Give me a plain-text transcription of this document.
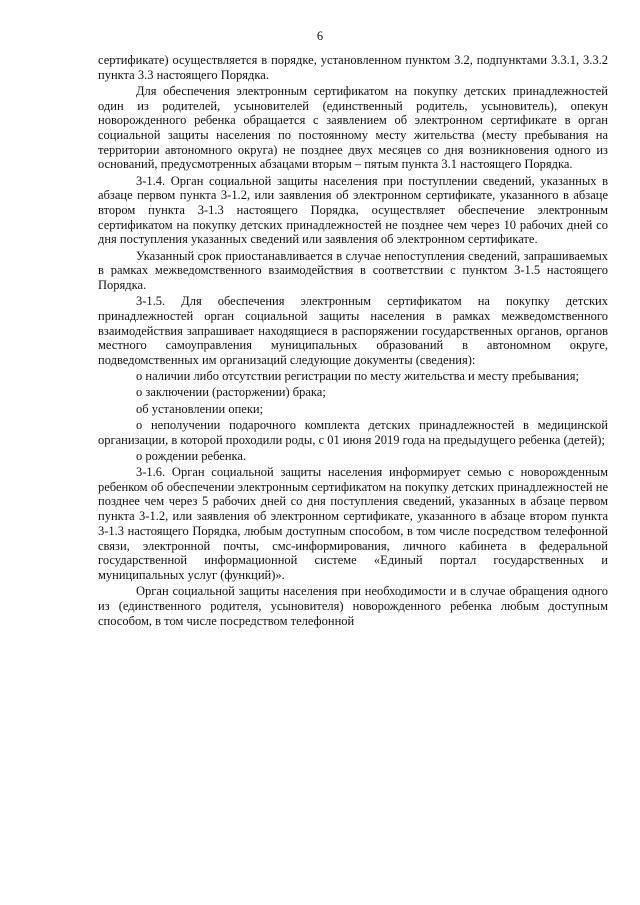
6

сертификате) осуществляется в порядке, установленном пунктом 3.2, подпунктами 3.3.1, 3.3.2 пункта 3.3 настоящего Порядка.

Для обеспечения электронным сертификатом на покупку детских принадлежностей один из родителей, усыновителей (единственный родитель, усыновитель), опекун новорожденного ребенка обращается с заявлением об электронном сертификате в орган социальной защиты населения по постоянному месту жительства (месту пребывания на территории автономного округа) не позднее двух месяцев со дня возникновения одного из оснований, предусмотренных абзацами вторым – пятым пункта 3.1 настоящего Порядка.

3-1.4. Орган социальной защиты населения при поступлении сведений, указанных в абзаце первом пункта 3-1.2, или заявления об электронном сертификате, указанного в абзаце втором пункта 3-1.3 настоящего Порядка, осуществляет обеспечение электронным сертификатом на покупку детских принадлежностей не позднее чем через 10 рабочих дней со дня поступления указанных сведений или заявления об электронном сертификате.

Указанный срок приостанавливается в случае непоступления сведений, запрашиваемых в рамках межведомственного взаимодействия в соответствии с пунктом 3-1.5 настоящего Порядка.

3-1.5. Для обеспечения электронным сертификатом на покупку детских принадлежностей орган социальной защиты населения в рамках межведомственного взаимодействия запрашивает находящиеся в распоряжении государственных органов, органов местного самоуправления муниципальных образований в автономном округе, подведомственных им организаций следующие документы (сведения):

о наличии либо отсутствии регистрации по месту жительства и месту пребывания;

о заключении (расторжении) брака;

об установлении опеки;

о неполучении подарочного комплекта детских принадлежностей в медицинской организации, в которой проходили роды, с 01 июня 2019 года на предыдущего ребенка (детей);

о рождении ребенка.

3-1.6. Орган социальной защиты населения информирует семью с новорожденным ребенком об обеспечении электронным сертификатом на покупку детских принадлежностей не позднее чем через 5 рабочих дней со дня поступления сведений, указанных в абзаце первом пункта 3-1.2, или заявления об электронном сертификате, указанного в абзаце втором пункта 3-1.3 настоящего Порядка, любым доступным способом, в том числе посредством телефонной связи, электронной почты, смс-информирования, личного кабинета в федеральной государственной информационной системе «Единый портал государственных и муниципальных услуг (функций)».

Орган социальной защиты населения при необходимости и в случае обращения одного из (единственного родителя, усыновителя) новорожденного ребенка любым доступным способом, в том числе посредством телефонной
